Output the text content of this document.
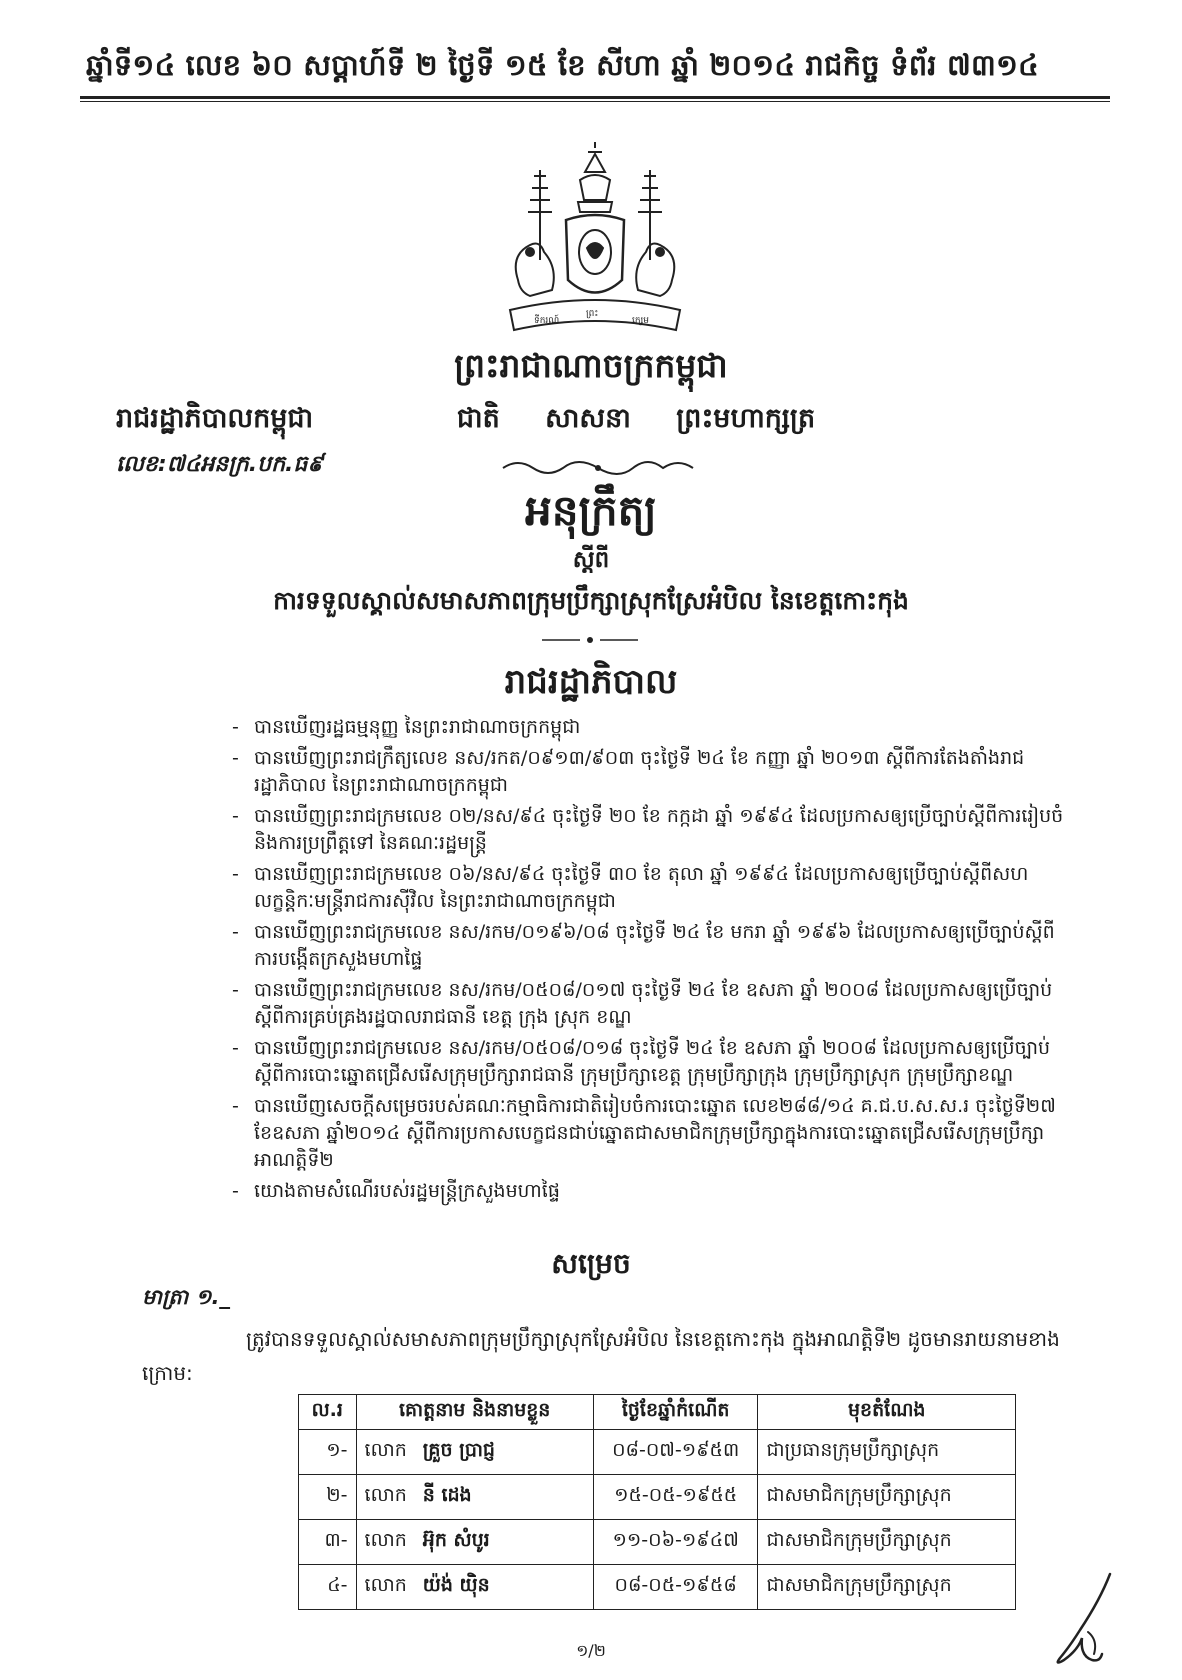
ឆ្នាំទី១៤ លេខ ៦០ សប្តាហ៍ទី ២ ថ្ងៃទី ១៥ ខែ សីហា ឆ្នាំ ២០១៤ រាជកិច្ច ទំព័រ ៧៣១៤
ទីករណ៍
ព្រះ
ក្សេម
ព្រះរាជាណាចក្រកម្ពុជា
រាជរដ្ឋាភិបាលកម្ពុជា	ជាតិ សាសនា ព្រះមហាក្សត្រ
លេខ:៧៤អនក្រ.បក.ធ៩
អនុក្រឹត្យ
ស្តីពី
ការទទួលស្គាល់សមាសភាពក្រុមប្រឹក្សាស្រុកស្រែអំបិល នៃខេត្តកោះកុង
រាជរដ្ឋាភិបាល
- បានឃើញរដ្ឋធម្មនុញ្ញ នៃព្រះរាជាណាចក្រកម្ពុជា
- បានឃើញព្រះរាជក្រឹត្យលេខ នស/រកត/០៩១៣/៩០៣ ចុះថ្ងៃទី ២៤ ខែ កញ្ញា ឆ្នាំ ២០១៣ ស្តីពីការតែងតាំងរាជរដ្ឋាភិបាល នៃព្រះរាជាណាចក្រកម្ពុជា
- បានឃើញព្រះរាជក្រមលេខ ០២/នស/៩៤ ចុះថ្ងៃទី ២០ ខែ កក្កដា ឆ្នាំ ១៩៩៤ ដែលប្រកាសឲ្យប្រើច្បាប់ស្តីពីការរៀបចំ និងការប្រព្រឹត្តទៅ នៃគណៈរដ្ឋមន្ត្រី
- បានឃើញព្រះរាជក្រមលេខ ០៦/នស/៩៤ ចុះថ្ងៃទី ៣០ ខែ តុលា ឆ្នាំ ១៩៩៤ ដែលប្រកាសឲ្យប្រើច្បាប់ស្តីពីសហលក្ខន្តិកៈមន្ត្រីរាជការស៊ីវិល នៃព្រះរាជាណាចក្រកម្ពុជា
- បានឃើញព្រះរាជក្រមលេខ នស/រកម/០១៩៦/០៨ ចុះថ្ងៃទី ២៤ ខែ មករា ឆ្នាំ ១៩៩៦ ដែលប្រកាសឲ្យប្រើច្បាប់ស្តីពីការបង្កើតក្រសួងមហាផ្ទៃ
- បានឃើញព្រះរាជក្រមលេខ នស/រកម/០៥០៨/០១៧ ចុះថ្ងៃទី ២៤ ខែ ឧសភា ឆ្នាំ ២០០៨ ដែលប្រកាសឲ្យប្រើច្បាប់ស្តីពីការគ្រប់គ្រងរដ្ឋបាលរាជធានី ខេត្ត ក្រុង ស្រុក ខណ្ឌ
- បានឃើញព្រះរាជក្រមលេខ នស/រកម/០៥០៨/០១៨ ចុះថ្ងៃទី ២៤ ខែ ឧសភា ឆ្នាំ ២០០៨ ដែលប្រកាសឲ្យប្រើច្បាប់ស្តីពីការបោះឆ្នោតជ្រើសរើសក្រុមប្រឹក្សារាជធានី ក្រុមប្រឹក្សាខេត្ត ក្រុមប្រឹក្សាក្រុង ក្រុមប្រឹក្សាស្រុក ក្រុមប្រឹក្សាខណ្ឌ
- បានឃើញសេចក្តីសម្រេចរបស់គណៈកម្មាធិការជាតិរៀបចំការបោះឆ្នោត លេខ២៨៨/១៤ គ.ជ.ប.ស.ស.រ ចុះថ្ងៃទី២៧ ខែឧសភា ឆ្នាំ២០១៤ ស្តីពីការប្រកាសបេក្ខជនជាប់ឆ្នោតជាសមាជិកក្រុមប្រឹក្សាក្នុងការបោះឆ្នោតជ្រើសរើសក្រុមប្រឹក្សា អាណត្តិទី២
- យោងតាមសំណើរបស់រដ្ឋមន្ត្រីក្រសួងមហាផ្ទៃ
សម្រេច
មាត្រា ១._
ត្រូវបានទទួលស្គាល់សមាសភាពក្រុមប្រឹក្សាស្រុកស្រែអំបិល នៃខេត្តកោះកុង ក្នុងអាណត្តិទី២ ដូចមានរាយនាមខាងក្រោម:
ល.រ	គោត្តនាម និងនាមខ្លួន	ថ្ងៃខែឆ្នាំកំណើត	មុខតំណែង
១-	លោក គ្រួច ប្រាជ្ញ	០៨-០៧-១៩៥៣	ជាប្រធានក្រុមប្រឹក្សាស្រុក
២-	លោក នី ដេង	១៥-០៥-១៩៥៥	ជាសមាជិកក្រុមប្រឹក្សាស្រុក
៣-	លោក អ៊ុក សំបូរ	១១-០៦-១៩៤៧	ជាសមាជិកក្រុមប្រឹក្សាស្រុក
៤-	លោក យ៉ង់ យ៉ិន	០៨-០៥-១៩៥៨	ជាសមាជិកក្រុមប្រឹក្សាស្រុក
១/២
